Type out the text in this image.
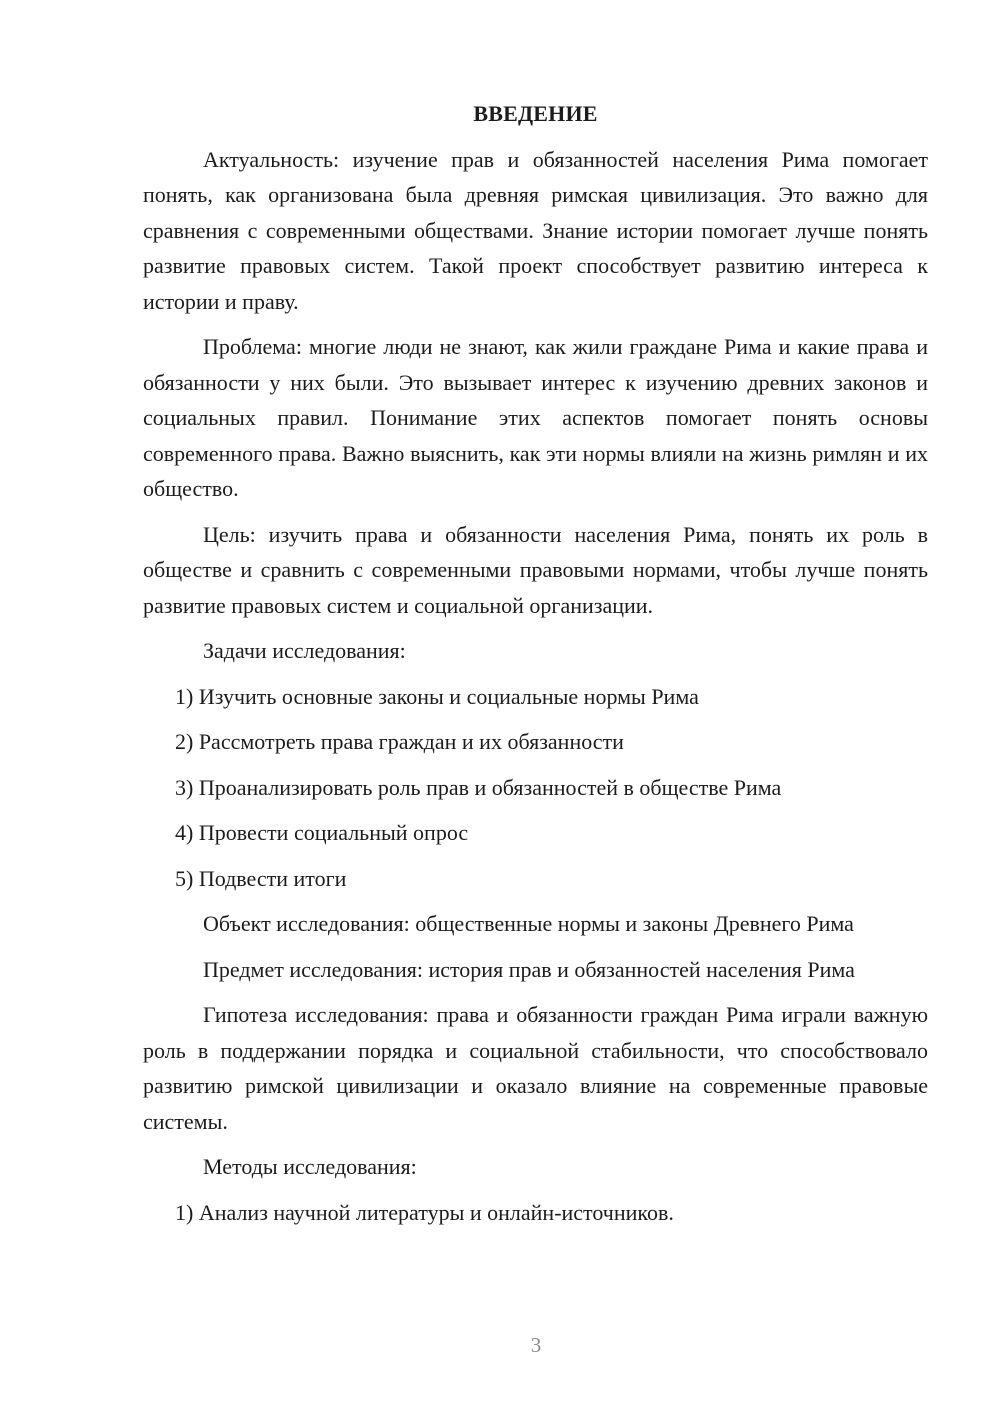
ВВЕДЕНИЕ

Актуальность: изучение прав и обязанностей населения Рима помогает понять, как организована была древняя римская цивилизация. Это важно для сравнения с современными обществами. Знание истории помогает лучше понять развитие правовых систем. Такой проект способствует развитию интереса к истории и праву.

Проблема: многие люди не знают, как жили граждане Рима и какие права и обязанности у них были. Это вызывает интерес к изучению древних законов и социальных правил. Понимание этих аспектов помогает понять основы современного права. Важно выяснить, как эти нормы влияли на жизнь римлян и их общество.

Цель: изучить права и обязанности населения Рима, понять их роль в обществе и сравнить с современными правовыми нормами, чтобы лучше понять развитие правовых систем и социальной организации.

Задачи исследования:
1) Изучить основные законы и социальные нормы Рима
2) Рассмотреть права граждан и их обязанности
3) Проанализировать роль прав и обязанностей в обществе Рима
4) Провести социальный опрос
5) Подвести итоги

Объект исследования: общественные нормы и законы Древнего Рима

Предмет исследования: история прав и обязанностей населения Рима

Гипотеза исследования: права и обязанности граждан Рима играли важную роль в поддержании порядка и социальной стабильности, что способствовало развитию римской цивилизации и оказало влияние на современные правовые системы.

Методы исследования:
1) Анализ научной литературы и онлайн-источников.
3
